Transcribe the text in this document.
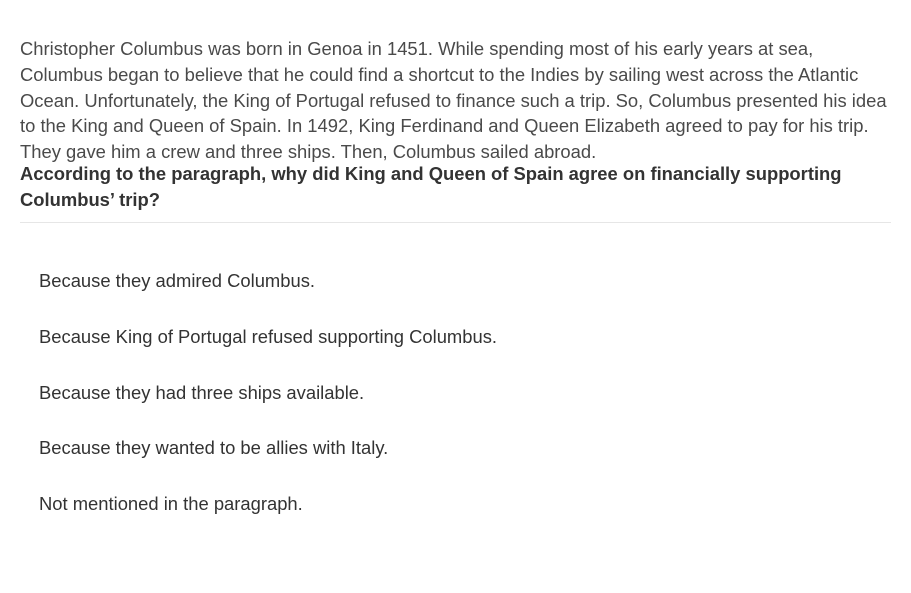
Christopher Columbus was born in Genoa in 1451. While spending most of his early years at sea, Columbus began to believe that he could find a shortcut to the Indies by sailing west across the Atlantic Ocean. Unfortunately, the King of Portugal refused to finance such a trip. So, Columbus presented his idea to the King and Queen of Spain. In 1492, King Ferdinand and Queen Elizabeth agreed to pay for his trip. They gave him a crew and three ships. Then, Columbus sailed abroad.
According to the paragraph, why did King and Queen of Spain agree on financially supporting Columbus’ trip?
Because they admired Columbus.
Because King of Portugal refused supporting Columbus.
Because they had three ships available.
Because they wanted to be allies with Italy.
Not mentioned in the paragraph.
